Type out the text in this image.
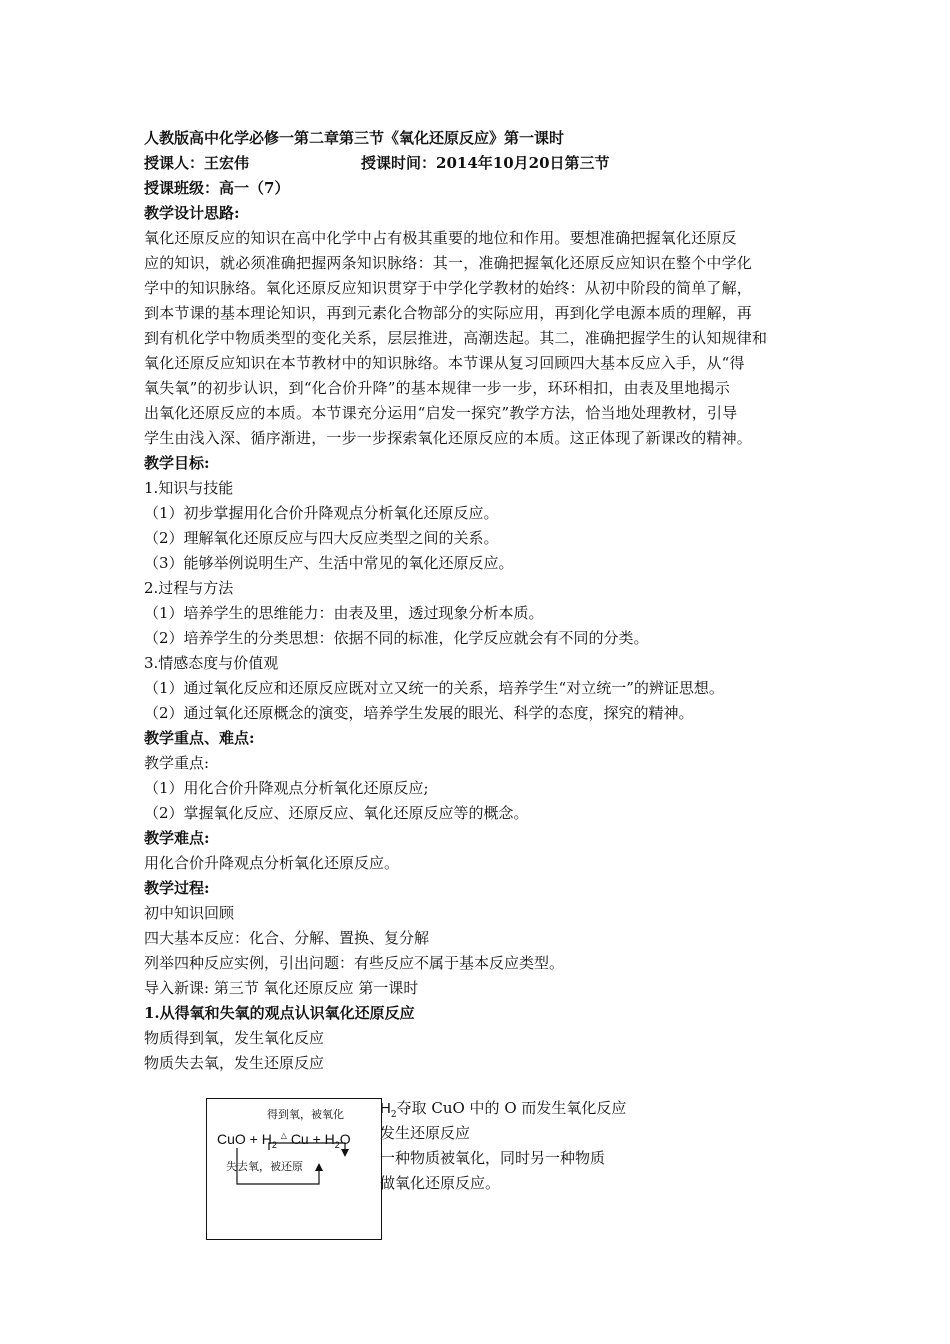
人教版高中化学必修一第二章第三节《氧化还原反应》第一课时
授课人：王宏伟	授课时间：2014年10月20日第三节
授课班级：高一（7）
教学设计思路:
氧化还原反应的知识在高中化学中占有极其重要的地位和作用。要想准确把握氧化还原反
应的知识，就必须准确把握两条知识脉络：其一，准确把握氧化还原反应知识在整个中学化
学中的知识脉络。氧化还原反应知识贯穿于中学化学教材的始终：从初中阶段的简单了解，
到本节课的基本理论知识，再到元素化合物部分的实际应用，再到化学电源本质的理解，再
到有机化学中物质类型的变化关系，层层推进，高潮迭起。其二，准确把握学生的认知规律和
氧化还原反应知识在本节教材中的知识脉络。本节课从复习回顾四大基本反应入手，从“得
氧失氧”的初步认识，到“化合价升降”的基本规律一步一步，环环相扣，由表及里地揭示
出氧化还原反应的本质。本节课充分运用“启发一探究”教学方法，恰当地处理教材，引导
学生由浅入深、循序渐进，一步一步探索氧化还原反应的本质。这正体现了新课改的精神。
教学目标:
1.知识与技能
（1）初步掌握用化合价升降观点分析氧化还原反应。
（2）理解氧化还原反应与四大反应类型之间的关系。
（3）能够举例说明生产、生活中常见的氧化还原反应。
2.过程与方法
（1）培养学生的思维能力：由表及里，透过现象分析本质。
（2）培养学生的分类思想：依据不同的标准，化学反应就会有不同的分类。
3.情感态度与价值观
（1）通过氧化反应和还原反应既对立又统一的关系，培养学生“对立统一”的辨证思想。
（2）通过氧化还原概念的演变，培养学生发展的眼光、科学的态度，探究的精神。
教学重点、难点:
教学重点:
（1）用化合价升降观点分析氧化还原反应;
（2）掌握氧化反应、还原反应、氧化还原反应等的概念。
教学难点:
用化合价升降观点分析氧化还原反应。
教学过程:
初中知识回顾
四大基本反应：化合、分解、置换、复分解
列举四种反应实例，引出问题：有些反应不属于基本反应类型。
导入新课: 第三节 氧化还原反应 第一课时
1.从得氧和失氧的观点认识氧化还原反应
物质得到氧，发生氧化反应
物质失去氧，发生还原反应
得到氧，被氧化
CuO + $H_2$ △ $Cu + H_2O$
失去氧，被还原
$H_2$夺取 CuO 中的 O 而发生氧化反应
发生还原反应
一种物质被氧化，同时另一种物质
做氧化还原反应。
